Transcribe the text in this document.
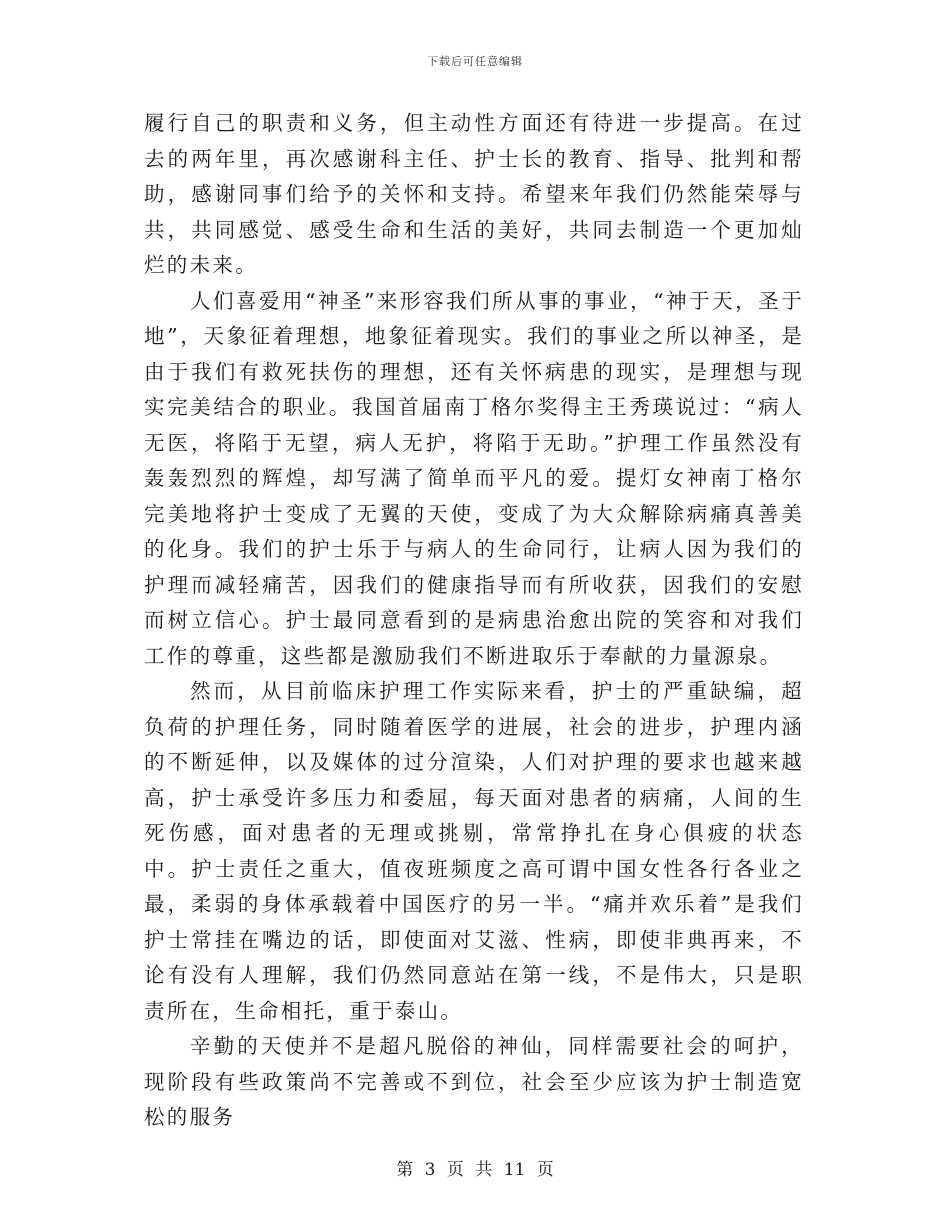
下载后可任意编辑

履行自己的职责和义务，但主动性方面还有待进一步提高。在过去的两年里，再次感谢科主任、护士长的教育、指导、批判和帮助，感谢同事们给予的关怀和支持。希望来年我们仍然能荣辱与共，共同感觉、感受生命和生活的美好，共同去制造一个更加灿烂的未来。

人们喜爱用“神圣”来形容我们所从事的事业，“神于天，圣于地”，天象征着理想，地象征着现实。我们的事业之所以神圣，是由于我们有救死扶伤的理想，还有关怀病患的现实，是理想与现实完美结合的职业。我国首届南丁格尔奖得主王秀瑛说过：“病人无医，将陷于无望，病人无护，将陷于无助。”护理工作虽然没有轰轰烈烈的辉煌，却写满了简单而平凡的爱。提灯女神南丁格尔完美地将护士变成了无翼的天使，变成了为大众解除病痛真善美的化身。我们的护士乐于与病人的生命同行，让病人因为我们的护理而减轻痛苦，因我们的健康指导而有所收获，因我们的安慰而树立信心。护士最同意看到的是病患治愈出院的笑容和对我们工作的尊重，这些都是激励我们不断进取乐于奉献的力量源泉。

然而，从目前临床护理工作实际来看，护士的严重缺编，超负荷的护理任务，同时随着医学的进展，社会的进步，护理内涵的不断延伸，以及媒体的过分渲染，人们对护理的要求也越来越高，护士承受许多压力和委屈，每天面对患者的病痛，人间的生死伤感，面对患者的无理或挑剔，常常挣扎在身心俱疲的状态中。护士责任之重大，值夜班频度之高可谓中国女性各行各业之最，柔弱的身体承载着中国医疗的另一半。“痛并欢乐着”是我们护士常挂在嘴边的话，即使面对艾滋、性病，即使非典再来，不论有没有人理解，我们仍然同意站在第一线，不是伟大，只是职责所在，生命相托，重于泰山。

辛勤的天使并不是超凡脱俗的神仙，同样需要社会的呵护，现阶段有些政策尚不完善或不到位，社会至少应该为护士制造宽松的服务

第 3 页 共 11 页
